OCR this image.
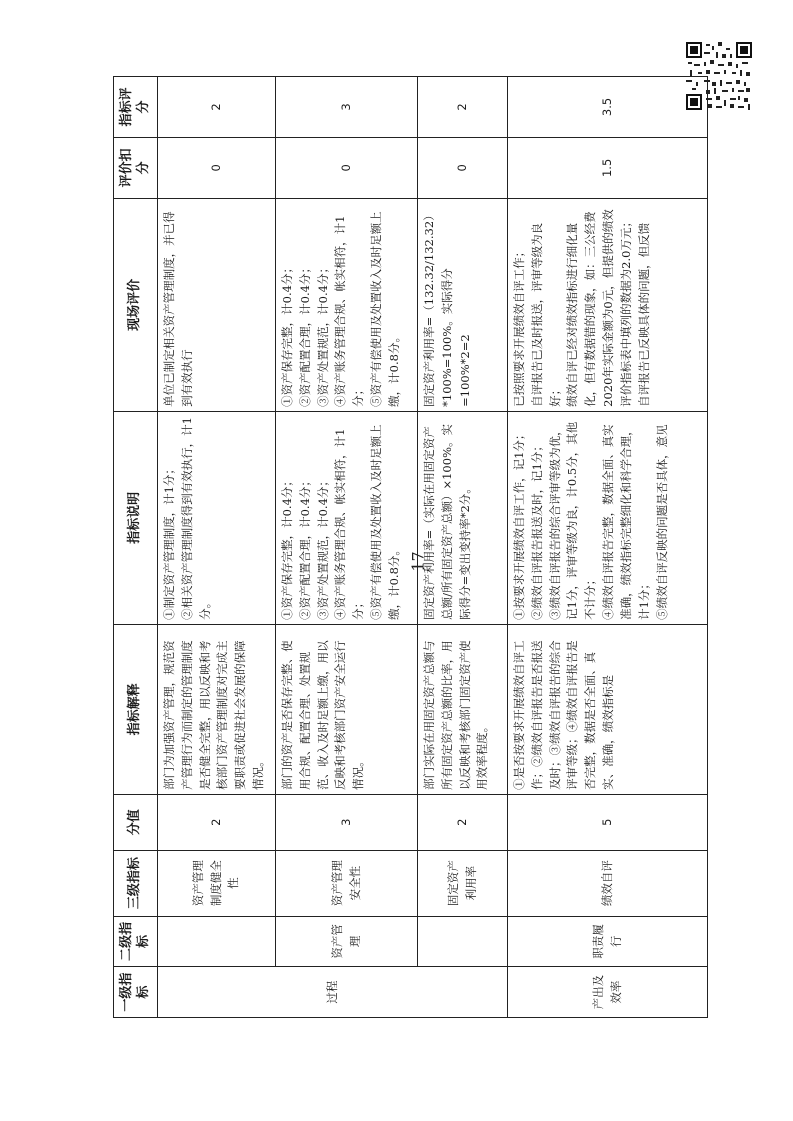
一级指标	二级指标	三级指标	分值	指标解释	指标说明	现场评价	评价扣分	指标评分
过程		资产管理制度健全性	2	部门为加强资产管理，规范资产管理行为而制定的管理制度是否健全完整，用以反映和考核部门资产管理制度对完成主要职责或促进社会发展的保障情况。	①制定资产管理制度，计1分； ②相关资产管理制度得到有效执行，计1分。	单位已制定相关资产管理制度，并已得到有效执行	0	2
	资产管理	资产管理安全性	3	部门的资产是否保存完整、使用合规、配置合理、处置规范、收入及时足额上缴，用以反映和考核部门资产安全运行情况。	①资产保存完整，计0.4分； ②资产配置合理，计0.4分； ③资产处置规范，计0.4分； ④资产账务管理合规、帐实相符，计1分； ⑤资产有偿使用及处置收入及时足额上缴，计0.8分。	①资产保存完整，计0.4分； ②资产配置合理，计0.4分； ③资产处置规范，计0.4分； ④资产账务管理合规、帐实相符，计1分； ⑤资产有偿使用及处置收入及时足额上缴，计0.8分。	0	3
		固定资产利用率	2	部门实际在用固定资产总额与所有固定资产总额的比率，用以反映和考核部门固定资产使用效率程度。	固定资产利用率=（实际在用固定资产总额/所有固定资产总额）×100%。实际得分=变出变持率*2分。	固定资产利用率=（132.32/132.32）*100%=100%。实际得分=100%*2=2	0	2
产出及效率	职责履行	绩效自评	5	①是否按要求开展绩效自评工作；②绩效自评报告是否报送及时；③绩效自评报告的综合评审等级；④绩效自评报告是否完整，数据是否全面、真实、准确，绩效指标是	①按要求开展绩效自评工作，记1分； ②绩效自评报告报送及时，记1分； ③绩效自评报告的综合评审等级为优，记1分，评审等级为良，计0.5分，其他不计分； ④绩效自评报告完整，数据全面、真实准确，绩效指标完整细化和科学合理，计1分； ⑤绩效自评反映的问题是否具体，意见	已按照要求开展绩效自评工作； 自评报告已及时报送，评审等级为良好； 绩效自评已经对绩效指标进行细化量化，但有数据错的现象，如：三公经费2020年实际金额为0元，但提供的绩效评价指标表中填列的数据为2.0万元； 自评报告已反映具体的问题，但反馈	1.5	3.5
17
